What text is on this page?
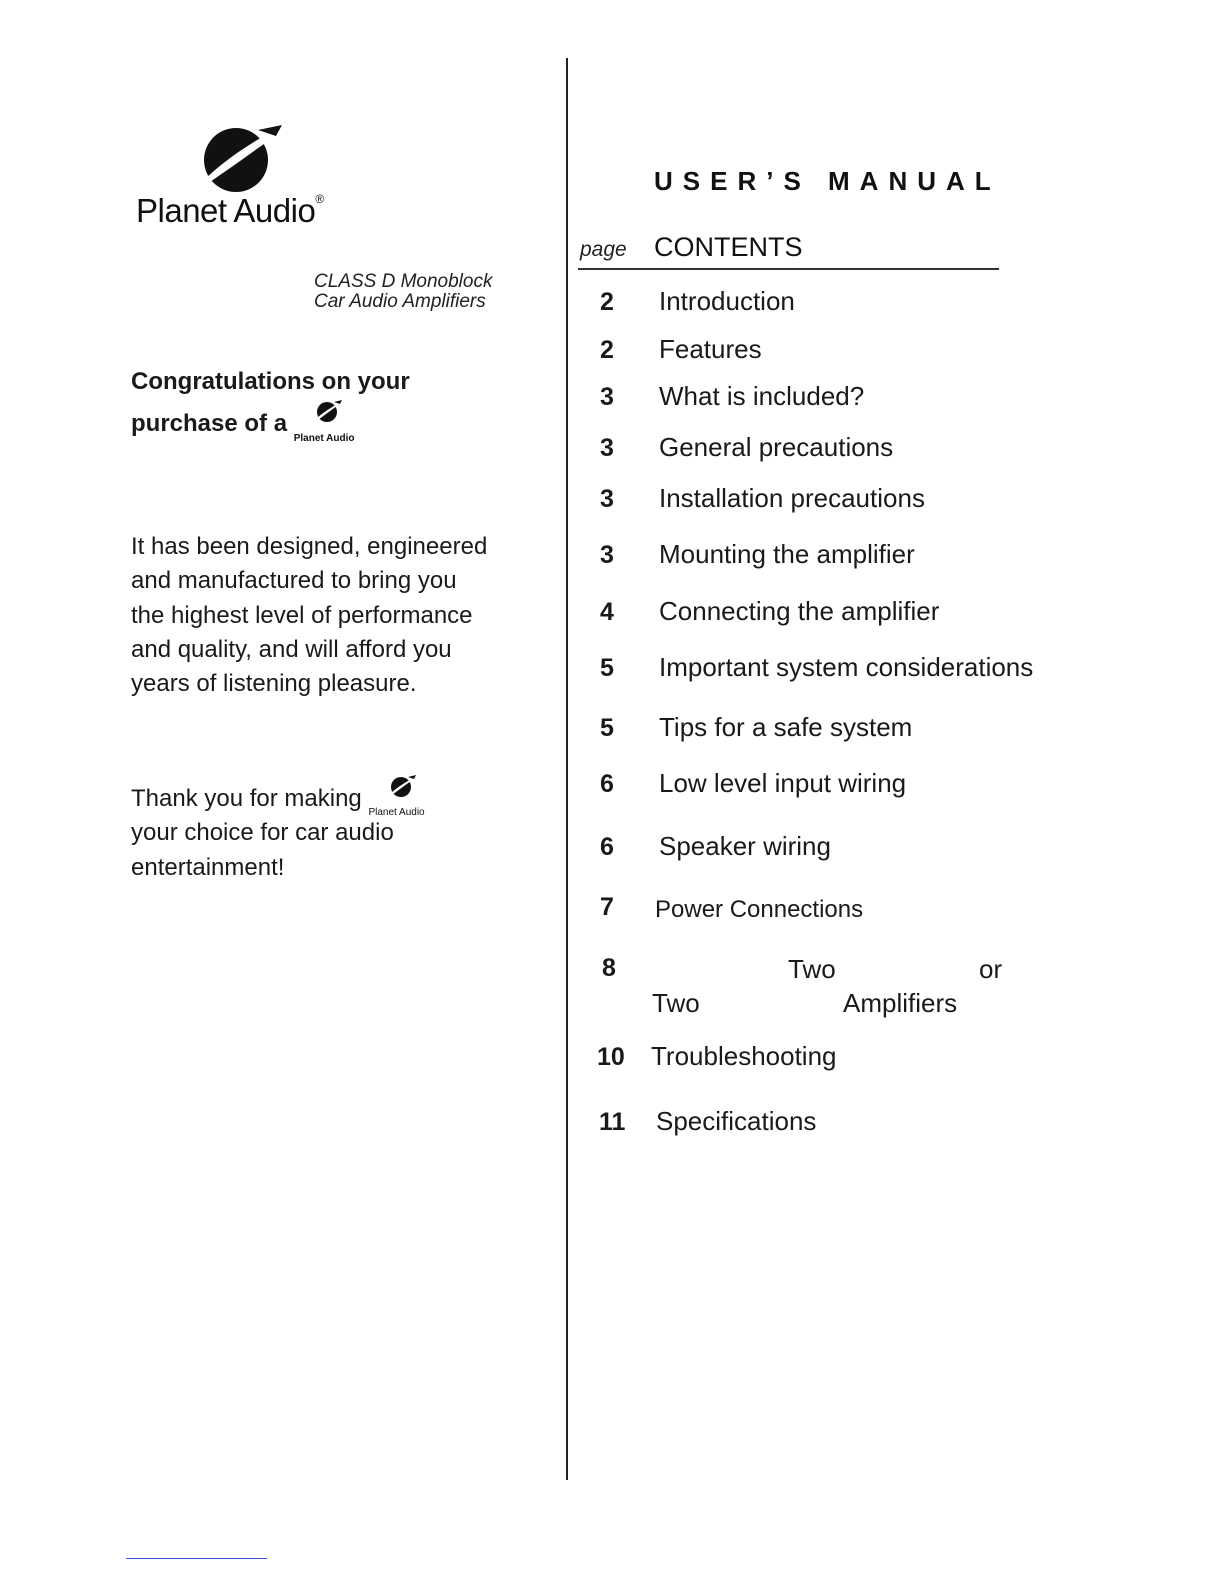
Planet Audio®
CLASS D Monoblock
Car Audio Amplifiers
Congratulations on your
purchase of a
Planet Audio
It has been designed, engineered
and manufactured to bring you
the highest level of performance
and quality, and will afford you
years of listening pleasure.
Thank you for making
Planet Audio
your choice for car audio
entertainment!
USER’S MANUAL
page CONTENTS
2 Introduction
2 Features
3 What is included?
3 General precautions
3 Installation precautions
3 Mounting the amplifier
4 Connecting the amplifier
5 Important system considerations
5 Tips for a safe system
6 Low level input wiring
6 Speaker wiring
7 Power Connections
8	Two	or
Two	Amplifiers
10 Troubleshooting
11 Specifications
